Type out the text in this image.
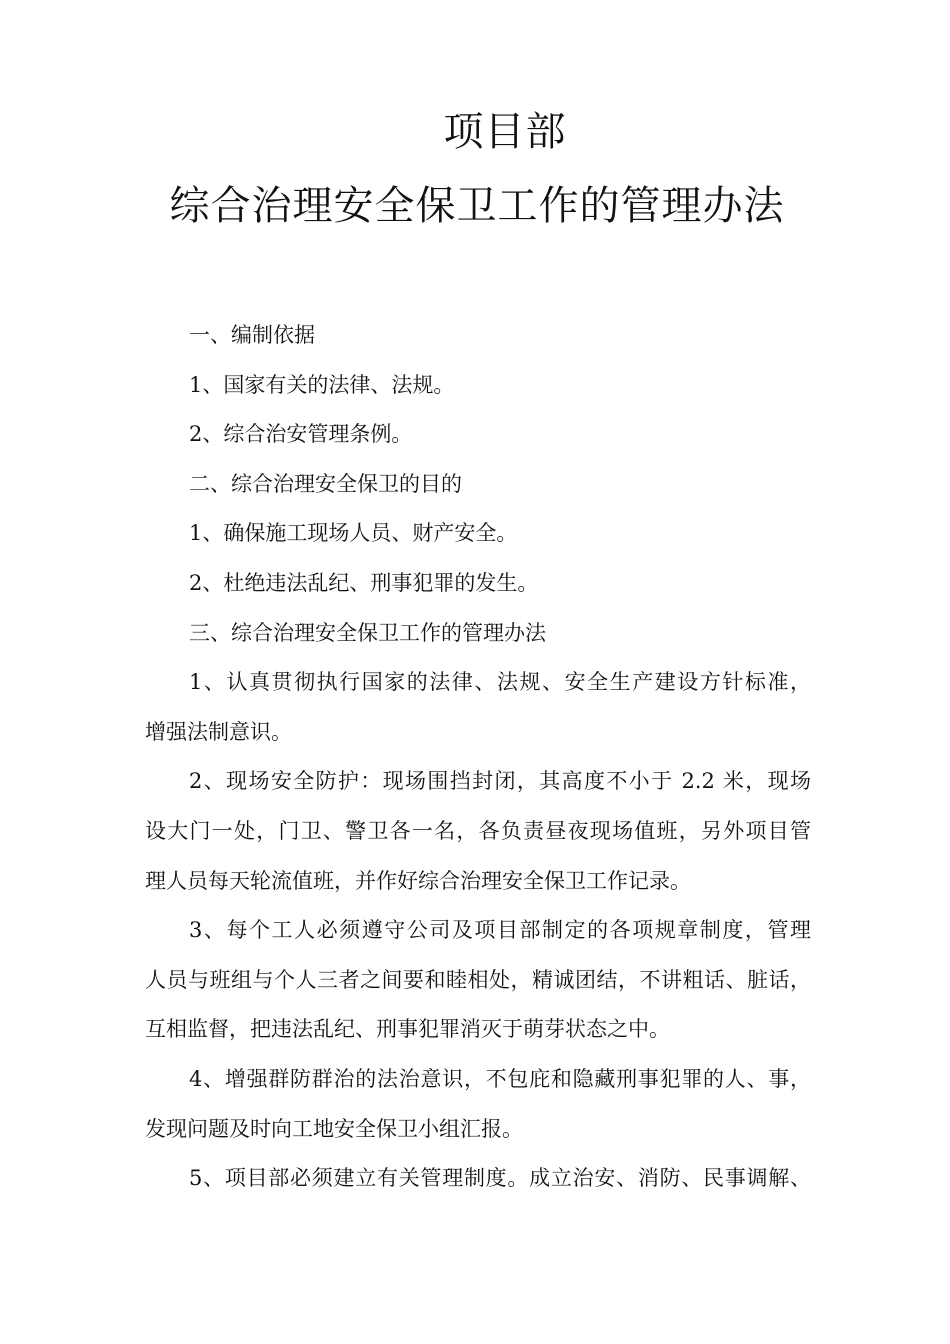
项目部
综合治理安全保卫工作的管理办法
一、编制依据
1、国家有关的法律、法规。
2、综合治安管理条例。
二、综合治理安全保卫的目的
1、确保施工现场人员、财产安全。
2、杜绝违法乱纪、刑事犯罪的发生。
三、综合治理安全保卫工作的管理办法
1、认真贯彻执行国家的法律、法规、安全生产建设方针标准，
增强法制意识。
2、现场安全防护：现场围挡封闭，其高度不小于 2.2 米，现场
设大门一处，门卫、警卫各一名，各负责昼夜现场值班，另外项目管
理人员每天轮流值班，并作好综合治理安全保卫工作记录。
3、每个工人必须遵守公司及项目部制定的各项规章制度，管理
人员与班组与个人三者之间要和睦相处，精诚团结，不讲粗话、脏话，
互相监督，把违法乱纪、刑事犯罪消灭于萌芽状态之中。
4、增强群防群治的法治意识，不包庇和隐藏刑事犯罪的人、事，
发现问题及时向工地安全保卫小组汇报。
5、项目部必须建立有关管理制度。成立治安、消防、民事调解、
